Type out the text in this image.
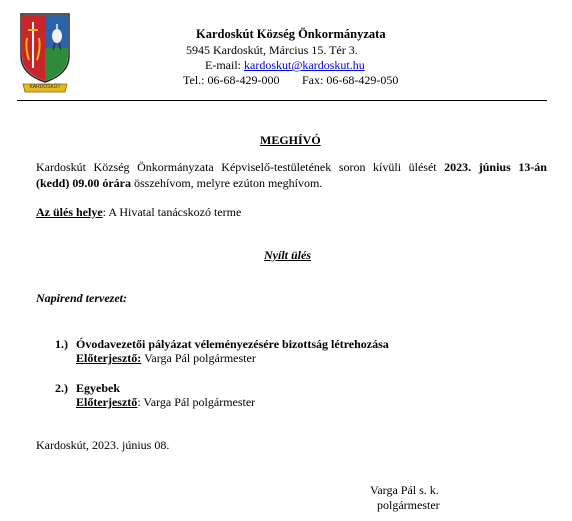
KARDOSKÚT
Kardoskút Község Önkormányzata
5945 Kardoskút, Március 15. Tér 3.
E-mail: kardoskut@kardoskut.hu
Tel.: 06-68-429-000 Fax: 06-68-429-050
MEGHÍVÓ
Kardoskút Község Önkormányzata Képviselő-testületének soron kívüli ülését 2023. június 13-án
(kedd) 09.00 órára összehívom, melyre ezúton meghívom.
Az ülés helye: A Hivatal tanácskozó terme
Nyílt ülés
Napirend tervezet:
1.) Óvodavezetői pályázat véleményezésére bizottság létrehozása
Előterjesztő: Varga Pál polgármester
2.) Egyebek
Előterjesztő: Varga Pál polgármester
Kardoskút, 2023. június 08.
Varga Pál s. k.
polgármester
